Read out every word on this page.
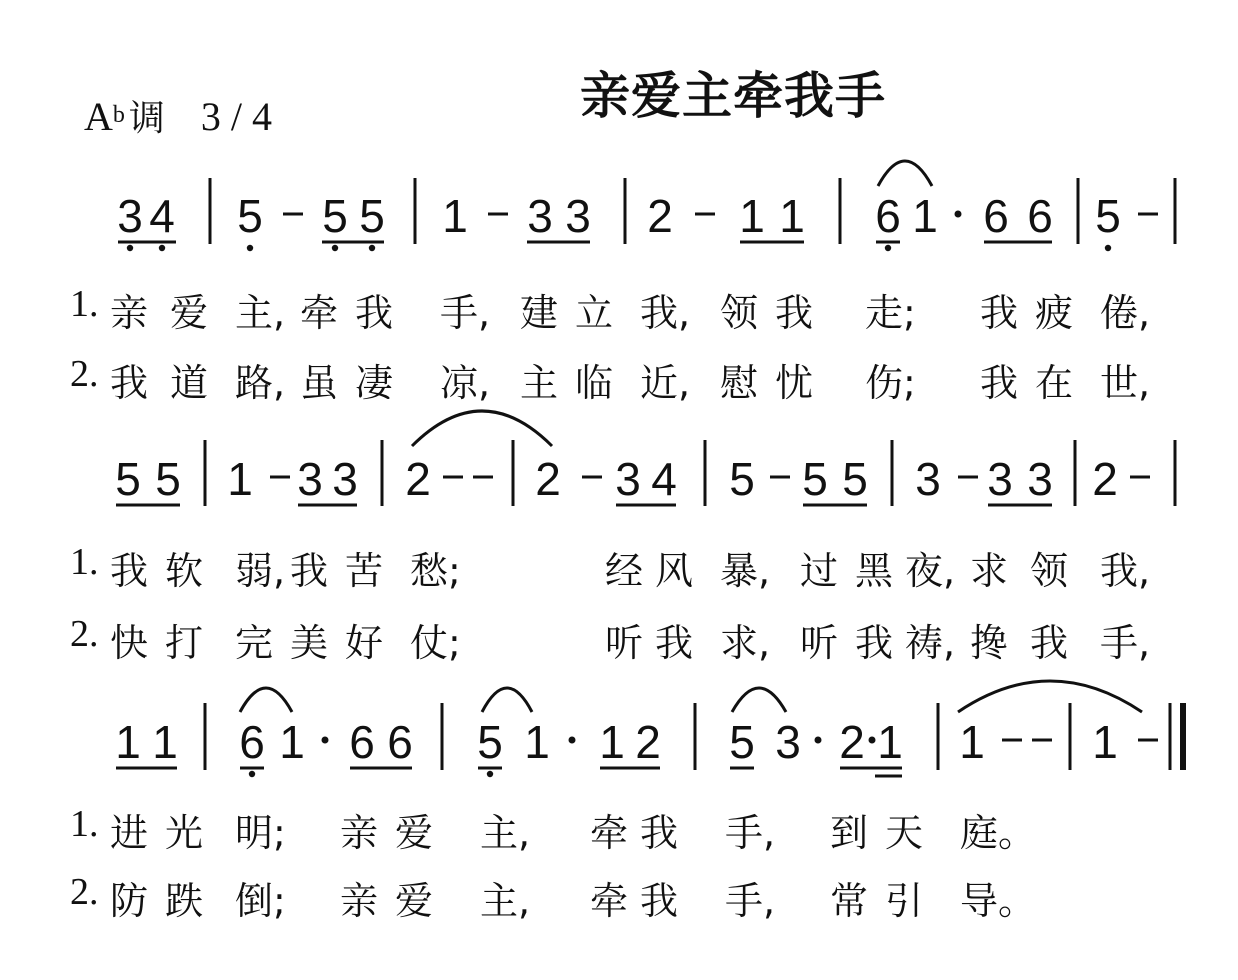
亲爱主牵我手
$A^b$ 调 3 / 4
3 4 5 5 5 1 3 3 2 1 1 6 1 6 6 5
5 5 1 3 3 2 2 3 4 5 5 5 3 3 3 2
1 1 6 1 6 6 5 1 1 2 5 3 2 1 1 1
1. 亲 爱 主, 牵 我 手, 建 立 我, 领 我 走; 我 疲 倦,
2. 我 道 路, 虽 凄 凉, 主 临 近, 慰 忧 伤; 我 在 世,
1. 我 软 弱, 我 苦 愁;	经 风 暴, 过 黑 夜, 求 领 我,
2. 快 打 完 美 好 仗;	听 我 求, 听 我 祷, 搀 我 手,
1. 进 光 明; 亲 爱 主, 牵 我 手, 到 天 庭。
2. 防 跌 倒; 亲 爱 主, 牵 我 手, 常 引 导。
